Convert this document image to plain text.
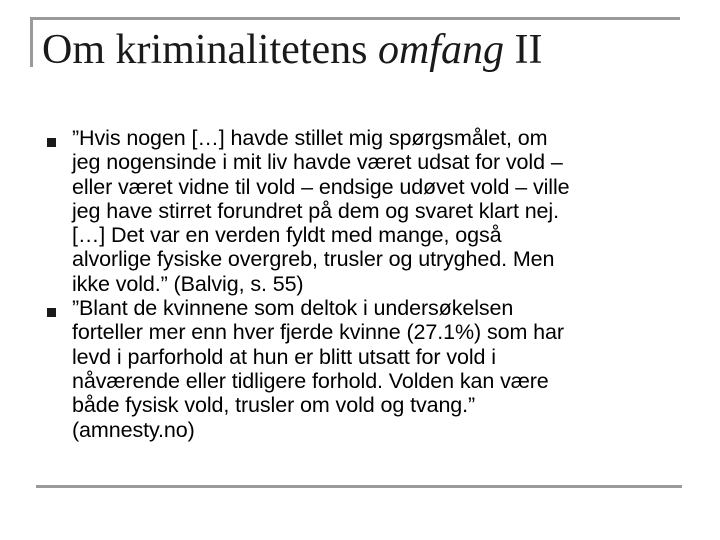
Om kriminalitetens omfang II
”Hvis nogen […] havde stillet mig spørgsmålet, om
jeg nogensinde i mit liv havde været udsat for vold –
eller været vidne til vold – endsige udøvet vold – ville
jeg have stirret forundret på dem og svaret klart nej.
[…] Det var en verden fyldt med mange, også
alvorlige fysiske overgreb, trusler og utryghed. Men
ikke vold.” (Balvig, s. 55)
”Blant de kvinnene som deltok i undersøkelsen
forteller mer enn hver fjerde kvinne (27.1%) som har
levd i parforhold at hun er blitt utsatt for vold i
nåværende eller tidligere forhold. Volden kan være
både fysisk vold, trusler om vold og tvang.”
(amnesty.no)
